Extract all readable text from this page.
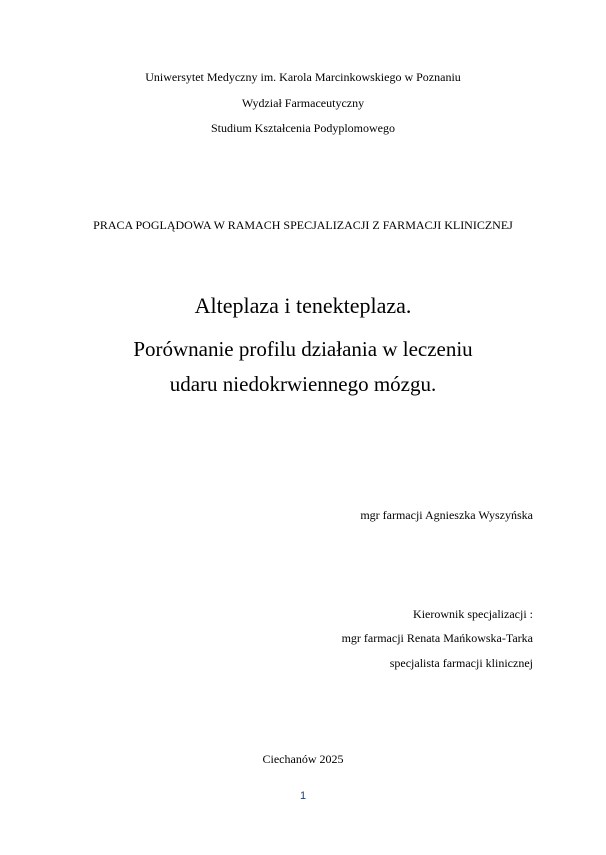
Uniwersytet Medyczny im. Karola Marcinkowskiego w Poznaniu
Wydział Farmaceutyczny
Studium Kształcenia Podyplomowego
PRACA POGLĄDOWA W RAMACH SPECJALIZACJI Z FARMACJI KLINICZNEJ
Alteplaza i tenekteplaza.
Porównanie profilu działania w leczeniu
udaru niedokrwiennego mózgu.
mgr farmacji Agnieszka Wyszyńska
Kierownik specjalizacji :
mgr farmacji Renata Mańkowska-Tarka
specjalista farmacji klinicznej
Ciechanów 2025
1
